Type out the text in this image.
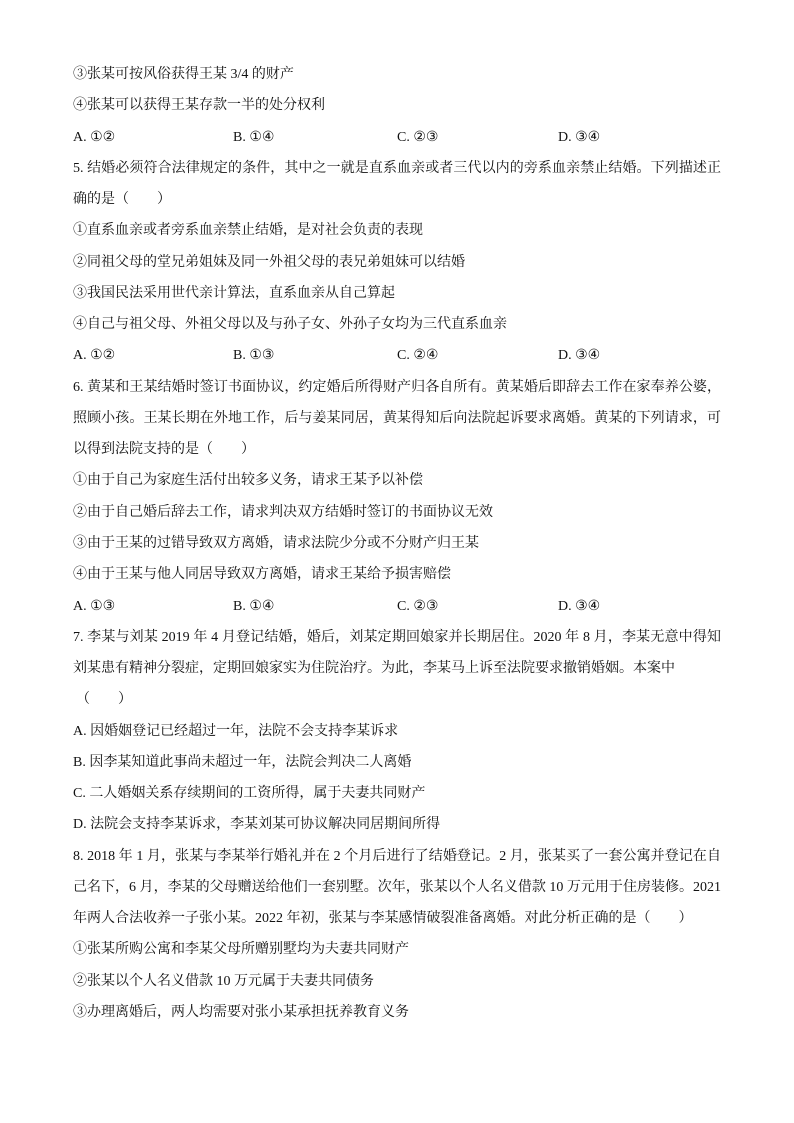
③张某可按风俗获得王某 3/4 的财产
④张某可以获得王某存款一半的处分权利
A. ①②	B. ①④	C. ②③	D. ③④
5. 结婚必须符合法律规定的条件，其中之一就是直系血亲或者三代以内的旁系血亲禁止结婚。下列描述正
确的是（　　）
①直系血亲或者旁系血亲禁止结婚，是对社会负责的表现
②同祖父母的堂兄弟姐妹及同一外祖父母的表兄弟姐妹可以结婚
③我国民法采用世代亲计算法，直系血亲从自己算起
④自己与祖父母、外祖父母以及与孙子女、外孙子女均为三代直系血亲
A. ①②	B. ①③	C. ②④	D. ③④
6. 黄某和王某结婚时签订书面协议，约定婚后所得财产归各自所有。黄某婚后即辞去工作在家奉养公婆，
照顾小孩。王某长期在外地工作，后与姜某同居，黄某得知后向法院起诉要求离婚。黄某的下列请求，可
以得到法院支持的是（　　）
①由于自己为家庭生活付出较多义务，请求王某予以补偿
②由于自己婚后辞去工作，请求判决双方结婚时签订的书面协议无效
③由于王某的过错导致双方离婚，请求法院少分或不分财产归王某
④由于王某与他人同居导致双方离婚，请求王某给予损害赔偿
A. ①③	B. ①④	C. ②③	D. ③④
7. 李某与刘某 2019 年 4 月登记结婚，婚后，刘某定期回娘家并长期居住。2020 年 8 月，李某无意中得知
刘某患有精神分裂症，定期回娘家实为住院治疗。为此，李某马上诉至法院要求撤销婚姻。本案中
（　　）
A. 因婚姻登记已经超过一年，法院不会支持李某诉求
B. 因李某知道此事尚未超过一年，法院会判决二人离婚
C. 二人婚姻关系存续期间的工资所得，属于夫妻共同财产
D. 法院会支持李某诉求，李某刘某可协议解决同居期间所得
8. 2018 年 1 月，张某与李某举行婚礼并在 2 个月后进行了结婚登记。2 月，张某买了一套公寓并登记在自
己名下，6 月，李某的父母赠送给他们一套别墅。次年，张某以个人名义借款 10 万元用于住房装修。2021
年两人合法收养一子张小某。2022 年初，张某与李某感情破裂准备离婚。对此分析正确的是（　　）
①张某所购公寓和李某父母所赠别墅均为夫妻共同财产
②张某以个人名义借款 10 万元属于夫妻共同债务
③办理离婚后，两人均需要对张小某承担抚养教育义务
